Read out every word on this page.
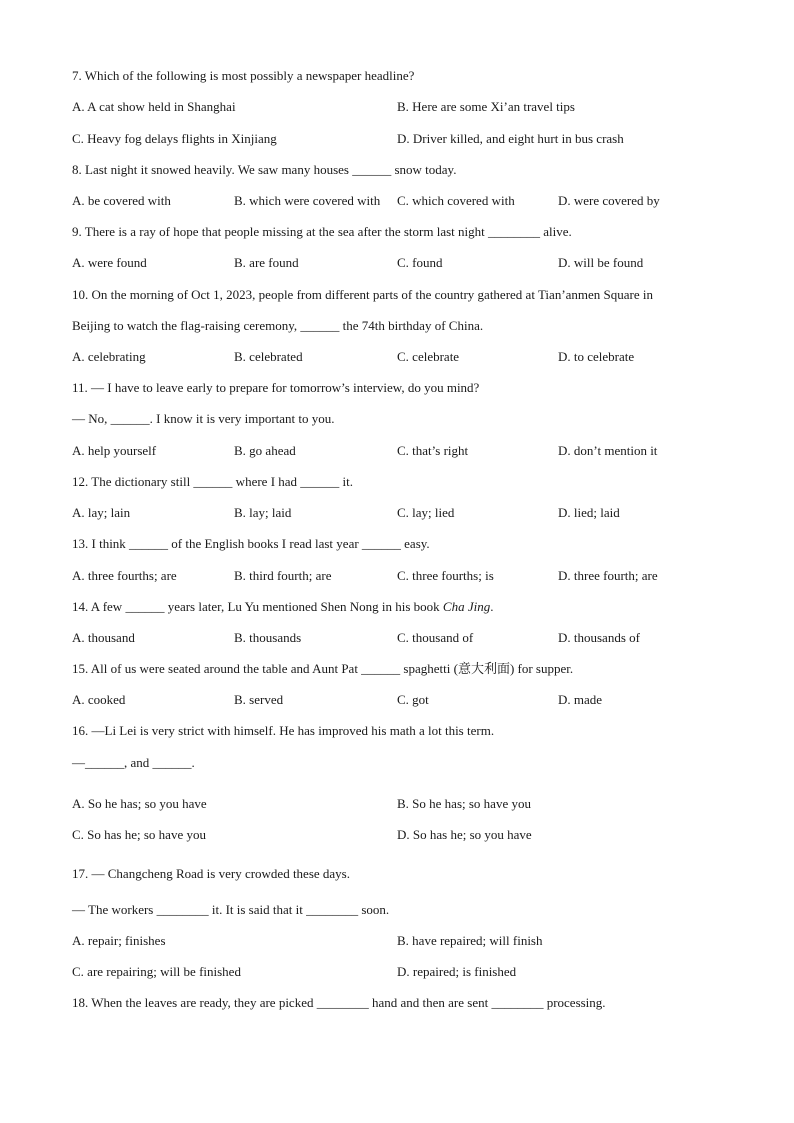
7. Which of the following is most possibly a newspaper headline?
A. A cat show held in Shanghai	B. Here are some Xi’an travel tips
C. Heavy fog delays flights in Xinjiang	D. Driver killed, and eight hurt in bus crash
8. Last night it snowed heavily. We saw many houses ______ snow today.
A. be covered with	B. which were covered with C. which covered with	D. were covered by
9. There is a ray of hope that people missing at the sea after the storm last night ________ alive.
A. were found	B. are found	C. found	D. will be found
10. On the morning of Oct 1, 2023, people from different parts of the country gathered at Tian’anmen Square in
Beijing to watch the flag-raising ceremony, ______ the 74th birthday of China.
A. celebrating	B. celebrated	C. celebrate	D. to celebrate
11. — I have to leave early to prepare for tomorrow’s interview, do you mind?
— No, ______. I know it is very important to you.
A. help yourself	B. go ahead	C. that’s right	D. don’t mention it
12. The dictionary still ______ where I had ______ it.
A. lay; lain	B. lay; laid	C. lay; lied	D. lied; laid
13. I think ______ of the English books I read last year ______ easy.
A. three fourths; are	B. third fourth; are	C. three fourths; is	D. three fourth; are
14. A few ______ years later, Lu Yu mentioned Shen Nong in his book Cha Jing.
A. thousand	B. thousands	C. thousand of	D. thousands of
15. All of us were seated around the table and Aunt Pat ______ spaghetti (意大利面) for supper.
A. cooked	B. served	C. got	D. made
16. —Li Lei is very strict with himself. He has improved his math a lot this term.
—______, and ______.
A. So he has; so you have	B. So he has; so have you
C. So has he; so have you	D. So has he; so you have
17. — Changcheng Road is very crowded these days.
— The workers ________ it. It is said that it ________ soon.
A. repair; finishes	B. have repaired; will finish
C. are repairing; will be finished	D. repaired; is finished
18. When the leaves are ready, they are picked ________ hand and then are sent ________ processing.
